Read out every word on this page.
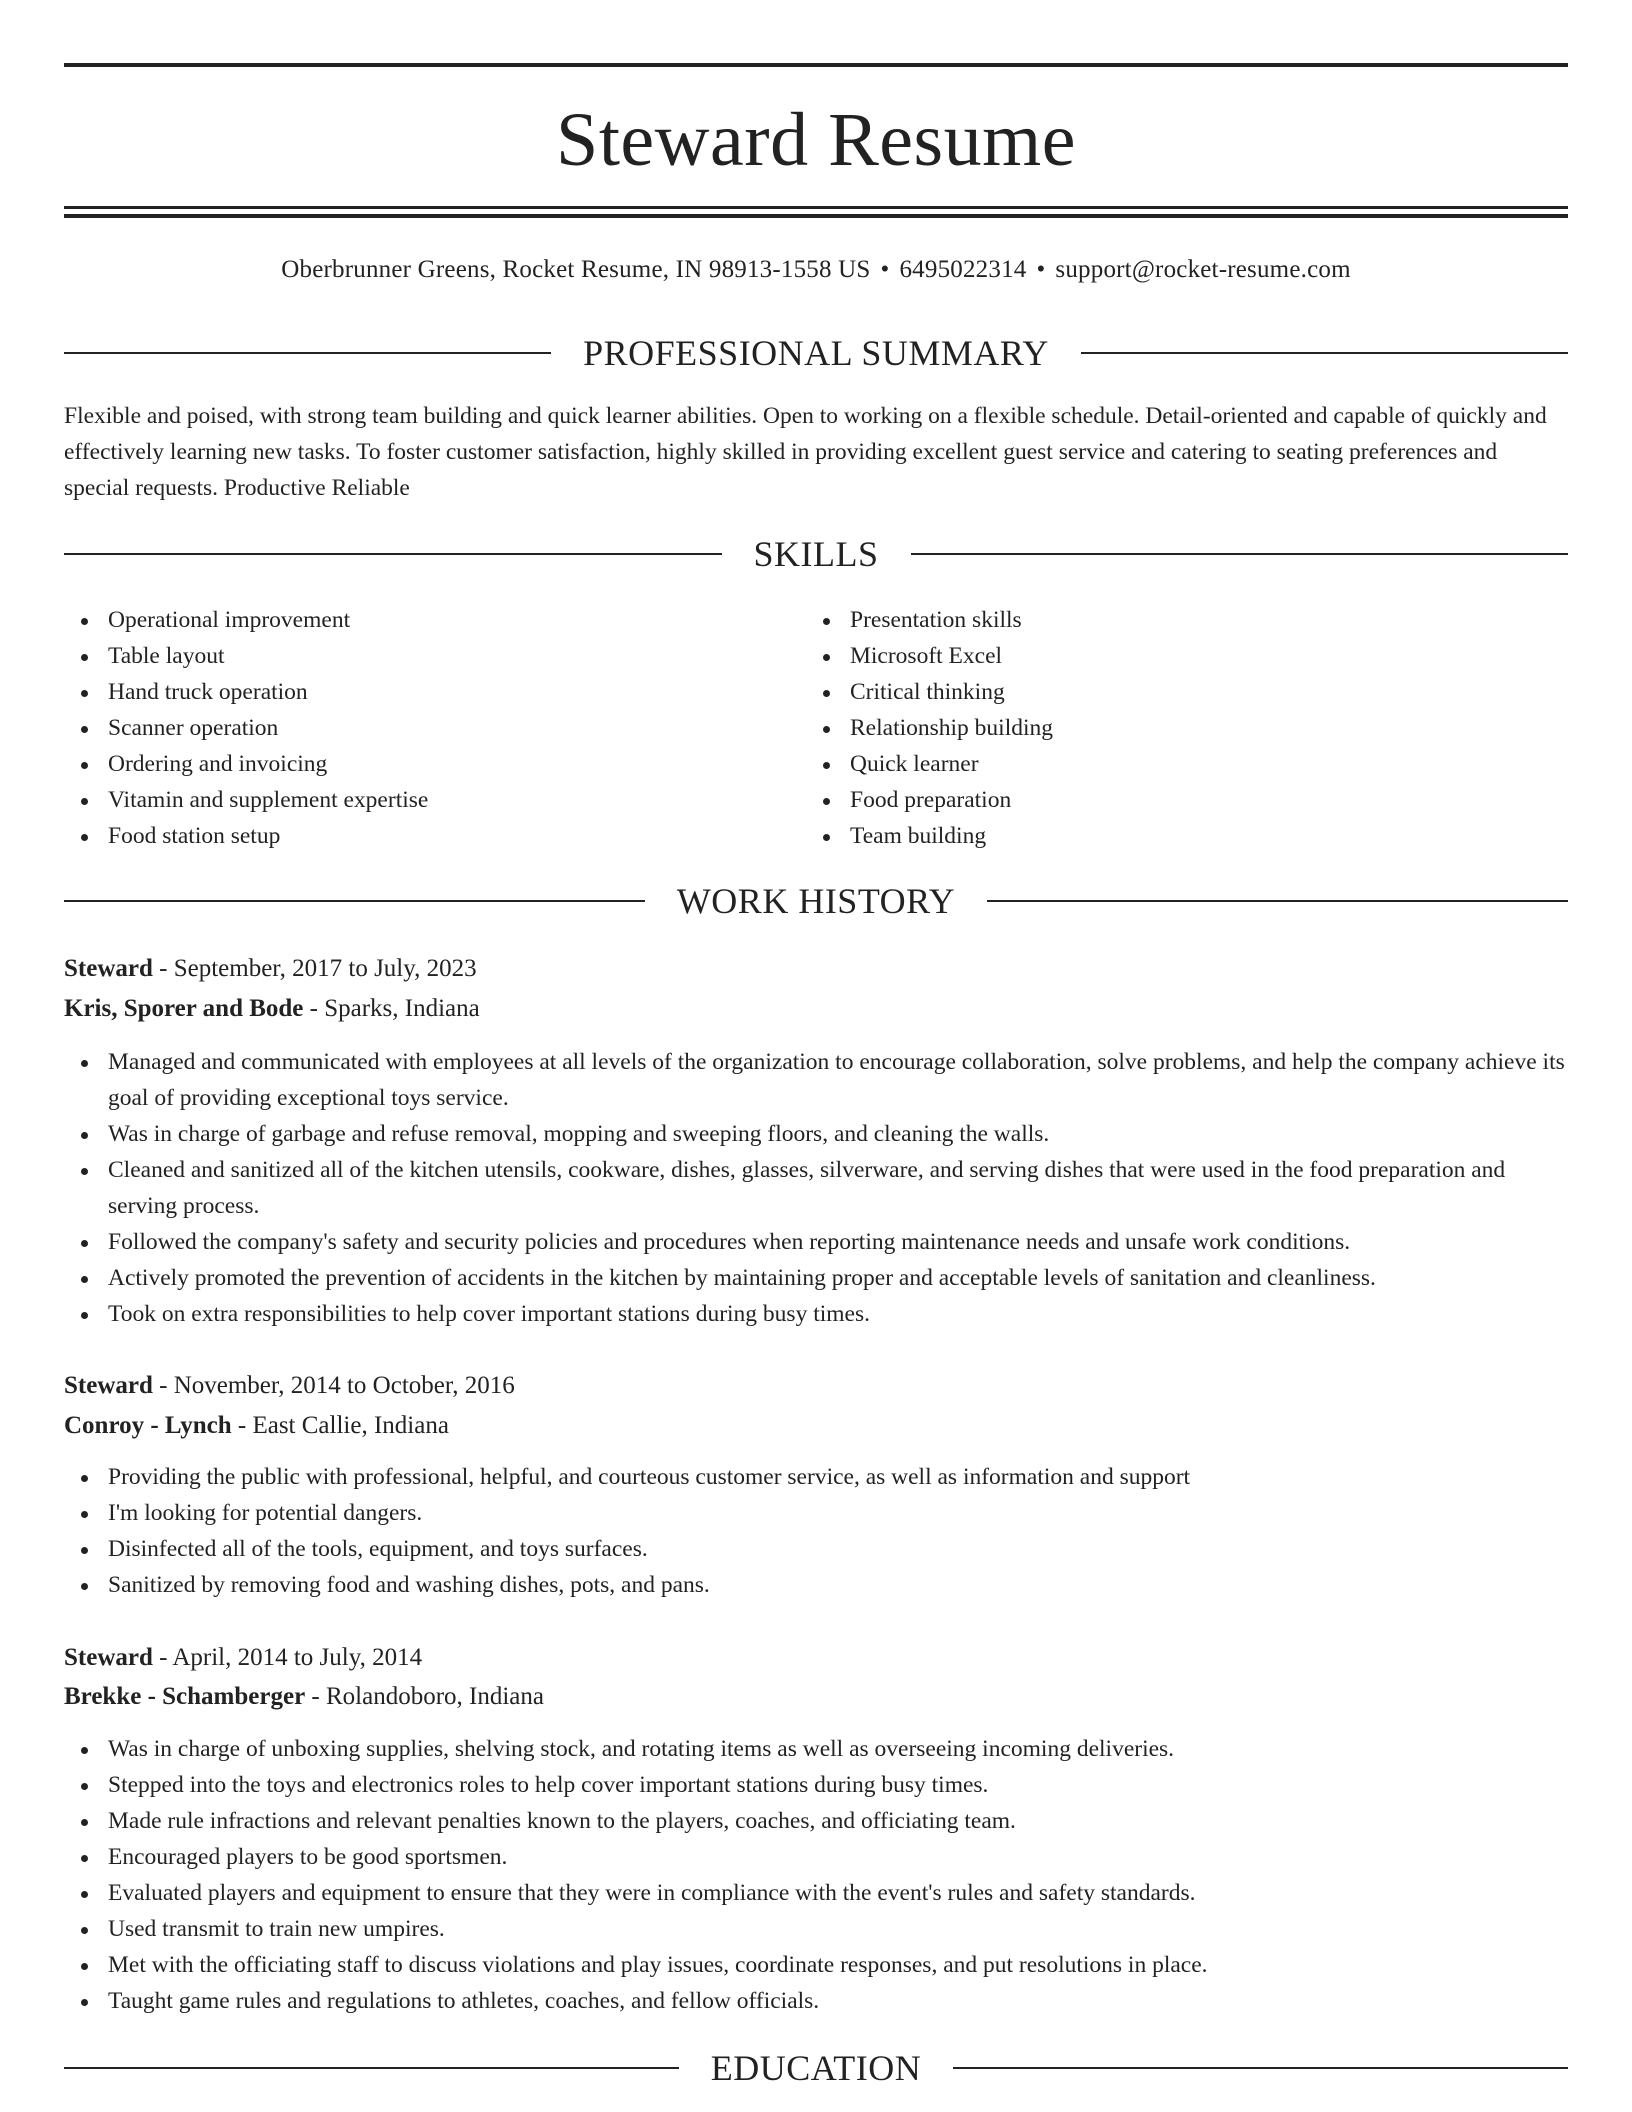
Steward Resume
Oberbrunner Greens, Rocket Resume, IN 98913-1558 US • 6495022314 • support@rocket-resume.com
PROFESSIONAL SUMMARY

Flexible and poised, with strong team building and quick learner abilities. Open to working on a flexible schedule. Detail-oriented and capable of quickly and effectively learning new tasks. To foster customer satisfaction, highly skilled in providing excellent guest service and catering to seating preferences and special requests. Productive Reliable

SKILLS
Operational improvement
Table layout
Hand truck operation
Scanner operation
Ordering and invoicing
Vitamin and supplement expertise
Food station setup
Presentation skills
Microsoft Excel
Critical thinking
Relationship building
Quick learner
Food preparation
Team building
WORK HISTORY
Steward - September, 2017 to July, 2023
Kris, Sporer and Bode - Sparks, Indiana
Managed and communicated with employees at all levels of the organization to encourage collaboration, solve problems, and help the company achieve its goal of providing exceptional toys service.
Was in charge of garbage and refuse removal, mopping and sweeping floors, and cleaning the walls.
Cleaned and sanitized all of the kitchen utensils, cookware, dishes, glasses, silverware, and serving dishes that were used in the food preparation and serving process.
Followed the company's safety and security policies and procedures when reporting maintenance needs and unsafe work conditions.
Actively promoted the prevention of accidents in the kitchen by maintaining proper and acceptable levels of sanitation and cleanliness.
Took on extra responsibilities to help cover important stations during busy times.
Steward - November, 2014 to October, 2016
Conroy - Lynch - East Callie, Indiana
Providing the public with professional, helpful, and courteous customer service, as well as information and support
I'm looking for potential dangers.
Disinfected all of the tools, equipment, and toys surfaces.
Sanitized by removing food and washing dishes, pots, and pans.
Steward - April, 2014 to July, 2014
Brekke - Schamberger - Rolandoboro, Indiana
Was in charge of unboxing supplies, shelving stock, and rotating items as well as overseeing incoming deliveries.
Stepped into the toys and electronics roles to help cover important stations during busy times.
Made rule infractions and relevant penalties known to the players, coaches, and officiating team.
Encouraged players to be good sportsmen.
Evaluated players and equipment to ensure that they were in compliance with the event's rules and safety standards.
Used transmit to train new umpires.
Met with the officiating staff to discuss violations and play issues, coordinate responses, and put resolutions in place.
Taught game rules and regulations to athletes, coaches, and fellow officials.
EDUCATION
